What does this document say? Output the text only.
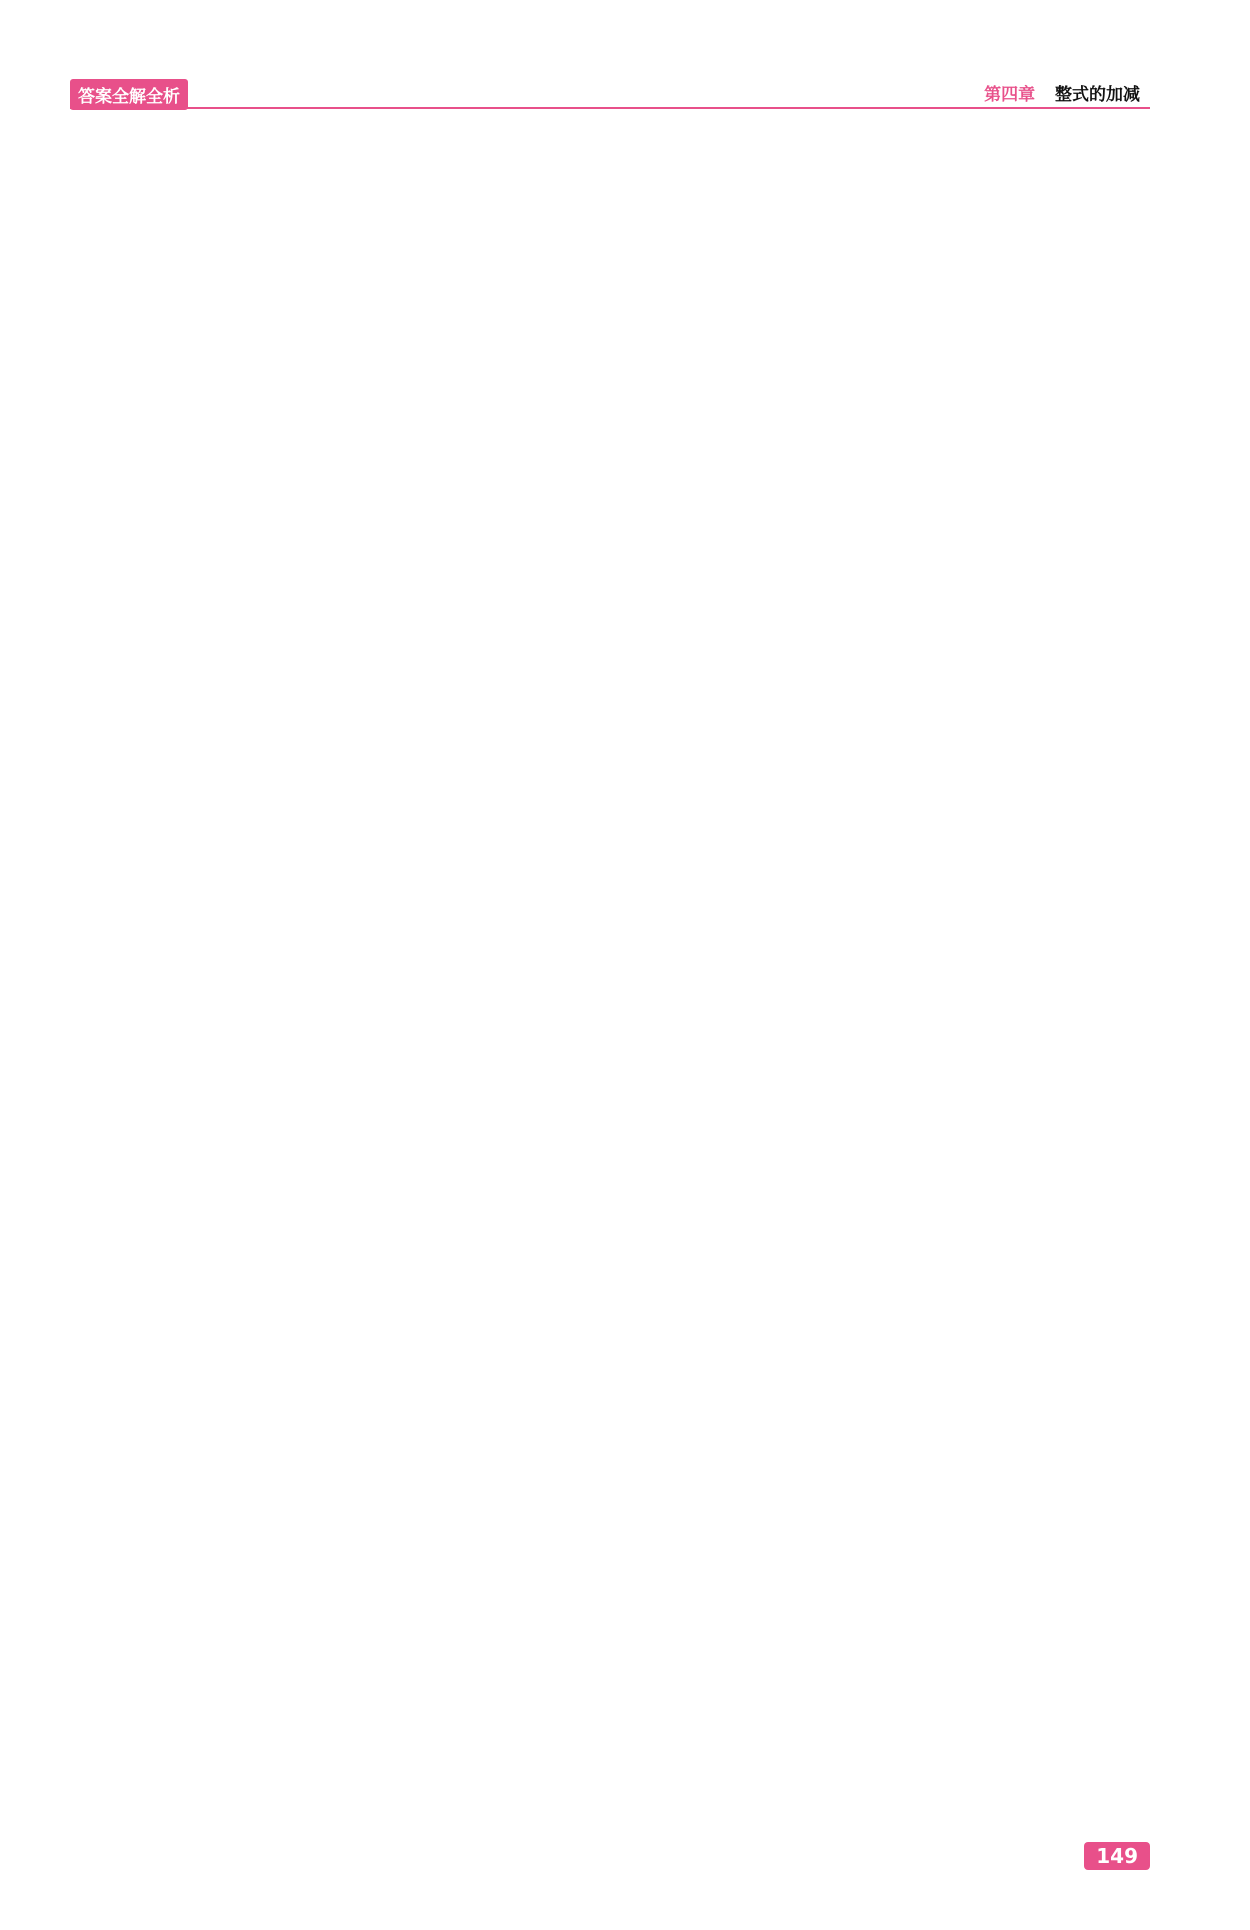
答案全解全析	第四章 整式的加减
149
